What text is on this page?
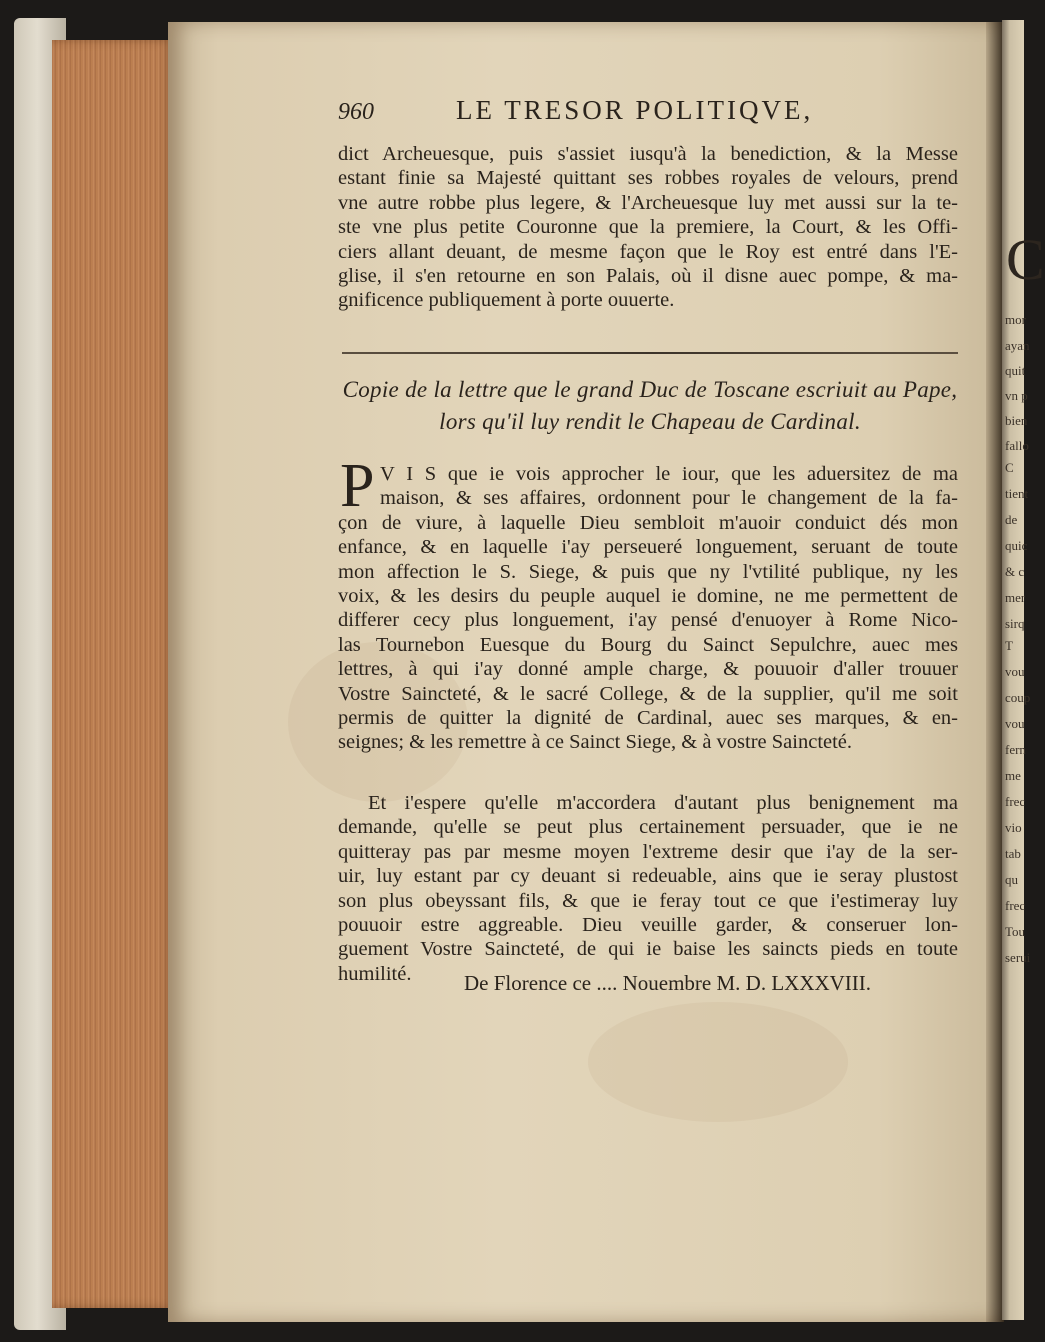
C
mor
ayan
quit
vn p
bien
fallo
C
tient
de
quic
& c
mer
sirq
T
vou
coup
vou
fern
me
frec
vio
tab
qu
frec
Tou
serui
960	LE TRESOR POLITIQVE,
dict Archeuesque, puis s'assiet iusqu'à la benediction, & la Messe
estant finie sa Majesté quittant ses robbes royales de velours, prend
vne autre robbe plus legere, & l'Archeuesque luy met aussi sur la te-
ste vne plus petite Couronne que la premiere, la Court, & les Offi-
ciers allant deuant, de mesme façon que le Roy est entré dans l'E-
glise, il s'en retourne en son Palais, où il disne auec pompe, & ma-
gnificence publiquement à porte ouuerte.
Copie de la lettre que le grand Duc de Toscane escriuit au Pape,
lors qu'il luy rendit le Chapeau de Cardinal.
P V I S que ie vois approcher le iour, que les aduersitez de ma
maison, & ses affaires, ordonnent pour le changement de la fa-
çon de viure, à laquelle Dieu sembloit m'auoir conduict dés mon
enfance, & en laquelle i'ay perseueré longuement, seruant de toute
mon affection le S. Siege, & puis que ny l'vtilité publique, ny les
voix, & les desirs du peuple auquel ie domine, ne me permettent de
differer cecy plus longuement, i'ay pensé d'enuoyer à Rome Nico-
las Tournebon Euesque du Bourg du Sainct Sepulchre, auec mes
lettres, à qui i'ay donné ample charge, & pouuoir d'aller trouuer
Vostre Saincteté, & le sacré College, & de la supplier, qu'il me soit
permis de quitter la dignité de Cardinal, auec ses marques, & en-
seignes; & les remettre à ce Sainct Siege, & à vostre Saincteté.
Et i'espere qu'elle m'accordera d'autant plus benignement ma
demande, qu'elle se peut plus certainement persuader, que ie ne
quitteray pas par mesme moyen l'extreme desir que i'ay de la ser-
uir, luy estant par cy deuant si redeuable, ains que ie seray plustost
son plus obeyssant fils, & que ie feray tout ce que i'estimeray luy
pouuoir estre aggreable. Dieu veuille garder, & conseruer lon-
guement Vostre Saincteté, de qui ie baise les saincts pieds en toute
humilité.	De Florence ce .... Nouembre M. D. LXXXVIII.
